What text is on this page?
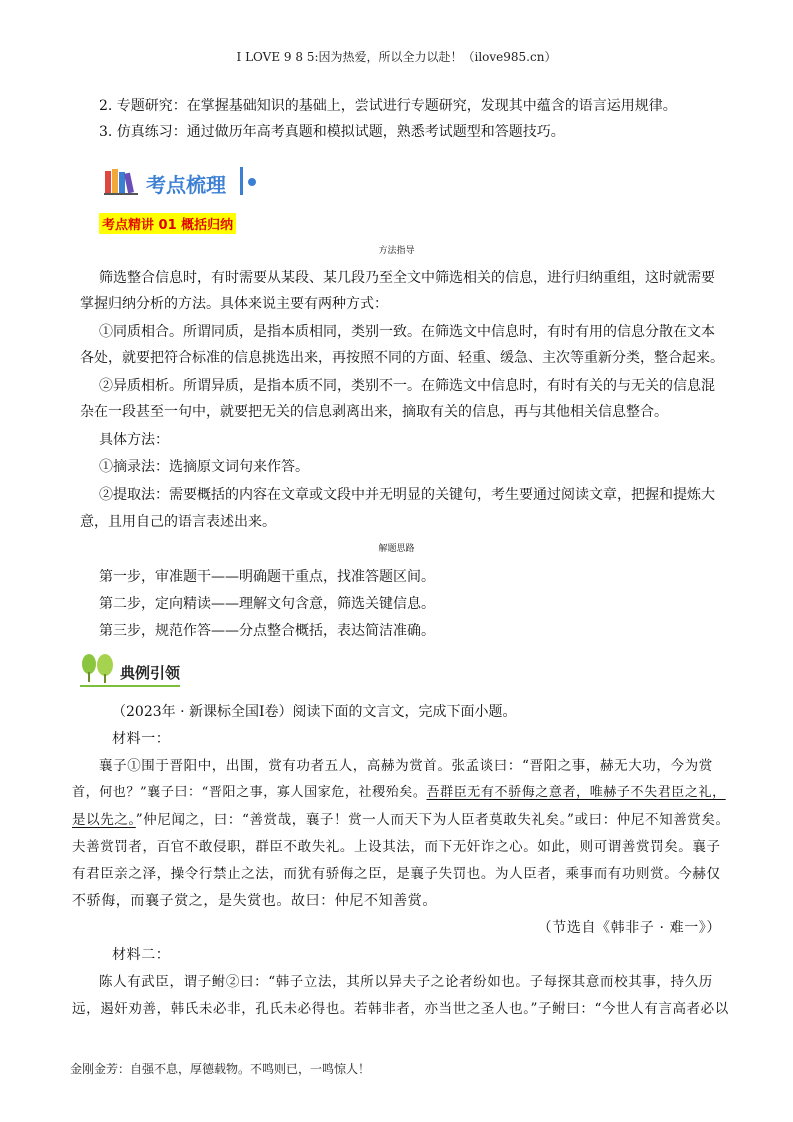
I LOVE 9 8 5:因为热爱，所以全力以赴！（ilove985.cn）
2. 专题研究：在掌握基础知识的基础上，尝试进行专题研究，发现其中蕴含的语言运用规律。
3. 仿真练习：通过做历年高考真题和模拟试题，熟悉考试题型和答题技巧。
考点梳理
考点精讲 01 概括归纳
方法指导
筛选整合信息时，有时需要从某段、某几段乃至全文中筛选相关的信息，进行归纳重组，这时就需要
掌握归纳分析的方法。具体来说主要有两种方式：
①同质相合。所谓同质，是指本质相同，类别一致。在筛选文中信息时，有时有用的信息分散在文本
各处，就要把符合标准的信息挑选出来，再按照不同的方面、轻重、缓急、主次等重新分类，整合起来。
②异质相析。所谓异质，是指本质不同，类别不一。在筛选文中信息时，有时有关的与无关的信息混
杂在一段甚至一句中，就要把无关的信息剥离出来，摘取有关的信息，再与其他相关信息整合。
具体方法：
①摘录法：选摘原文词句来作答。
②提取法：需要概括的内容在文章或文段中并无明显的关键句，考生要通过阅读文章，把握和提炼大
意，且用自己的语言表述出来。
解题思路
第一步，审准题干——明确题干重点，找准答题区间。
第二步，定向精读——理解文句含意，筛选关键信息。
第三步，规范作答——分点整合概括，表达简洁准确。
典例引领
（2023年 · 新课标全国Ⅰ卷）阅读下面的文言文，完成下面小题。
材料一：
襄子①围于晋阳中，出围，赏有功者五人，高赫为赏首。张孟谈曰：“晋阳之事，赫无大功，今为赏
首，何也？”襄子曰：“晋阳之事，寡人国家危，社稷殆矣。吾群臣无有不骄侮之意者，唯赫子不失君臣之礼，
是以先之。”仲尼闻之，曰：“善赏哉，襄子！赏一人而天下为人臣者莫敢失礼矣。”或曰：仲尼不知善赏矣。
夫善赏罚者，百官不敢侵职，群臣不敢失礼。上设其法，而下无奸诈之心。如此，则可谓善赏罚矣。襄子
有君臣亲之泽，操令行禁止之法，而犹有骄侮之臣，是襄子失罚也。为人臣者，乘事而有功则赏。今赫仅
不骄侮，而襄子赏之，是失赏也。故曰：仲尼不知善赏。
（节选自《韩非子 · 难一》）
材料二：
陈人有武臣，谓子鲋②曰：“韩子立法，其所以异夫子之论者纷如也。子每探其意而校其事，持久历
远，遏奸劝善，韩氏未必非，孔氏未必得也。若韩非者，亦当世之圣人也。”子鲋曰：“今世人有言高者必以
金刚金芳：自强不息，厚德载物。不鸣则已，一鸣惊人！
